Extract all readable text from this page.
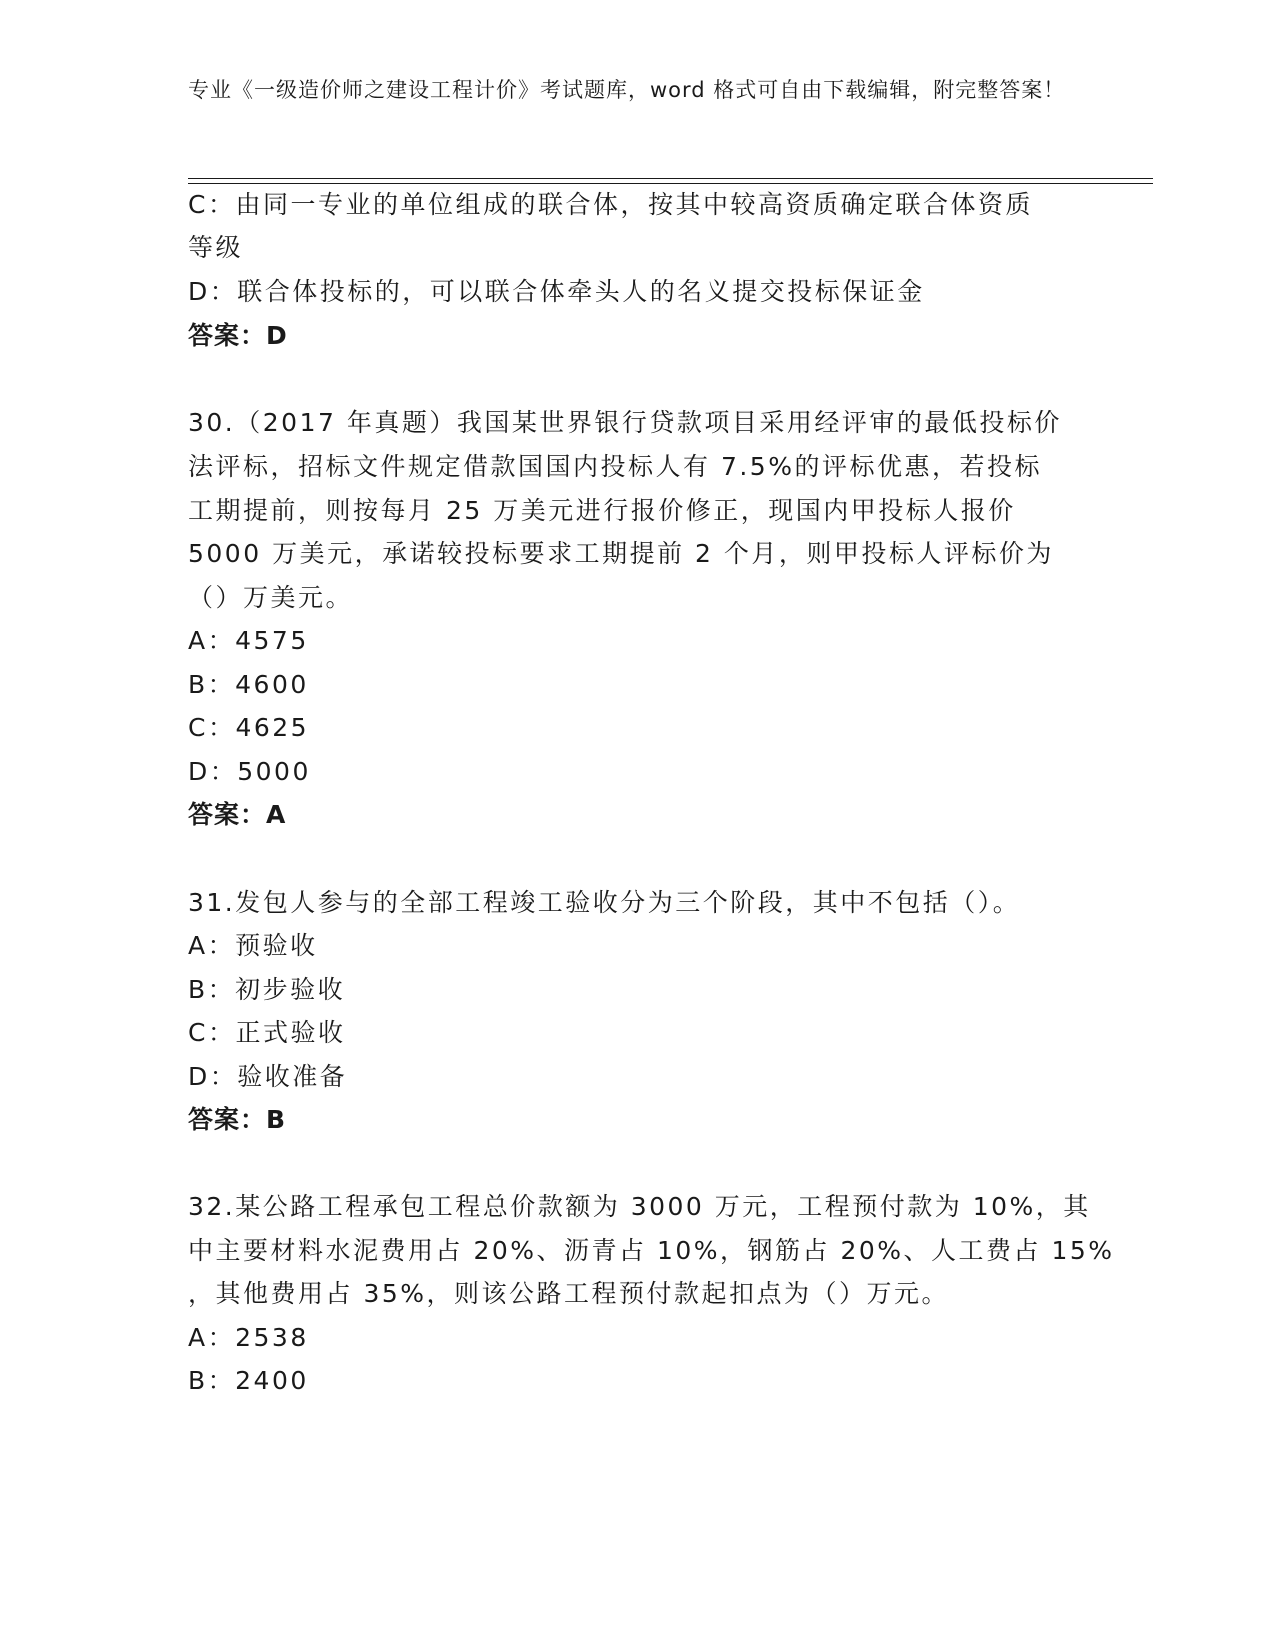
专业《一级造价师之建设工程计价》考试题库，word 格式可自由下载编辑，附完整答案！
C：由同一专业的单位组成的联合体，按其中较高资质确定联合体资质
等级
D：联合体投标的，可以联合体牵头人的名义提交投标保证金
答案：D
30.（2017 年真题）我国某世界银行贷款项目采用经评审的最低投标价
法评标，招标文件规定借款国国内投标人有 7.5%的评标优惠，若投标
工期提前，则按每月 25 万美元进行报价修正，现国内甲投标人报价
5000 万美元，承诺较投标要求工期提前 2 个月，则甲投标人评标价为
（）万美元。
A：4575
B：4600
C：4625
D：5000
答案：A
31.发包人参与的全部工程竣工验收分为三个阶段，其中不包括（）。
A：预验收
B：初步验收
C：正式验收
D：验收准备
答案：B
32.某公路工程承包工程总价款额为 3000 万元，工程预付款为 10%，其
中主要材料水泥费用占 20%、沥青占 10%，钢筋占 20%、人工费占 15%
，其他费用占 35%，则该公路工程预付款起扣点为（）万元。
A：2538
B：2400
